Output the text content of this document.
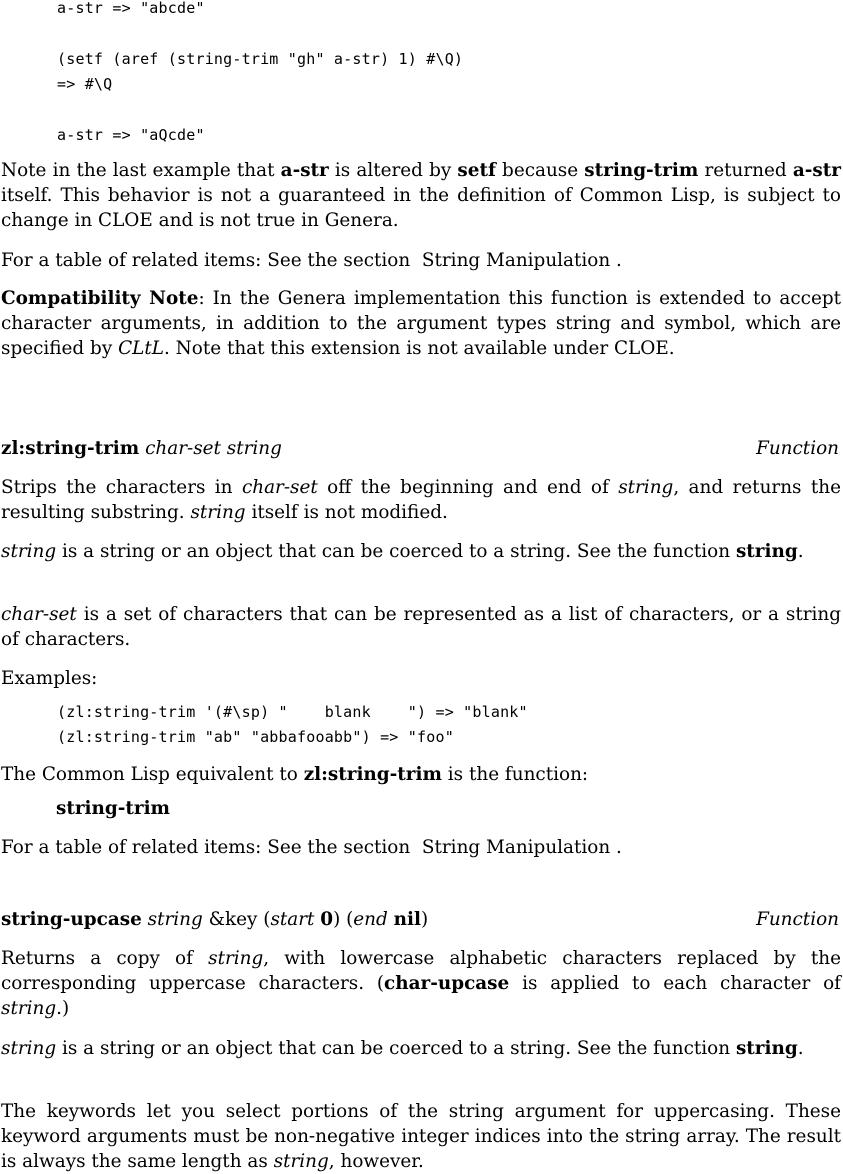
a-str => "abcde"
(setf (aref (string-trim "gh" a-str) 1) #\Q)
=> #\Q
a-str => "aQcde"

Note in the last example that a-str is altered by setf because string-trim returned a-str itself. This behavior is not a guaranteed in the definition of Common Lisp, is subject to change in CLOE and is not true in Genera.

For a table of related items: See the section  String Manipulation .

Compatibility Note: In the Genera implementation this function is extended to accept character arguments, in addition to the argument types string and symbol, which are specified by CLtL. Note that this extension is not available under CLOE.

zl:string-trim char-set string	Function

Strips the characters in char-set off the beginning and end of string, and returns the resulting substring. string itself is not modified.

string is a string or an object that can be coerced to a string. See the function string.

char-set is a set of characters that can be represented as a list of characters, or a string of characters.

Examples:

(zl:string-trim '(#\sp) "    blank    ") => "blank"
(zl:string-trim "ab" "abbafooabb") => "foo"

The Common Lisp equivalent to zl:string-trim is the function:

string-trim

For a table of related items: See the section  String Manipulation .

string-upcase string &key (start 0) (end nil)	Function

Returns a copy of string, with lowercase alphabetic characters replaced by the corresponding uppercase characters. (char-upcase is applied to each character of string.)

string is a string or an object that can be coerced to a string. See the function string.

The keywords let you select portions of the string argument for uppercasing. These keyword arguments must be non-negative integer indices into the string array. The result is always the same length as string, however.
